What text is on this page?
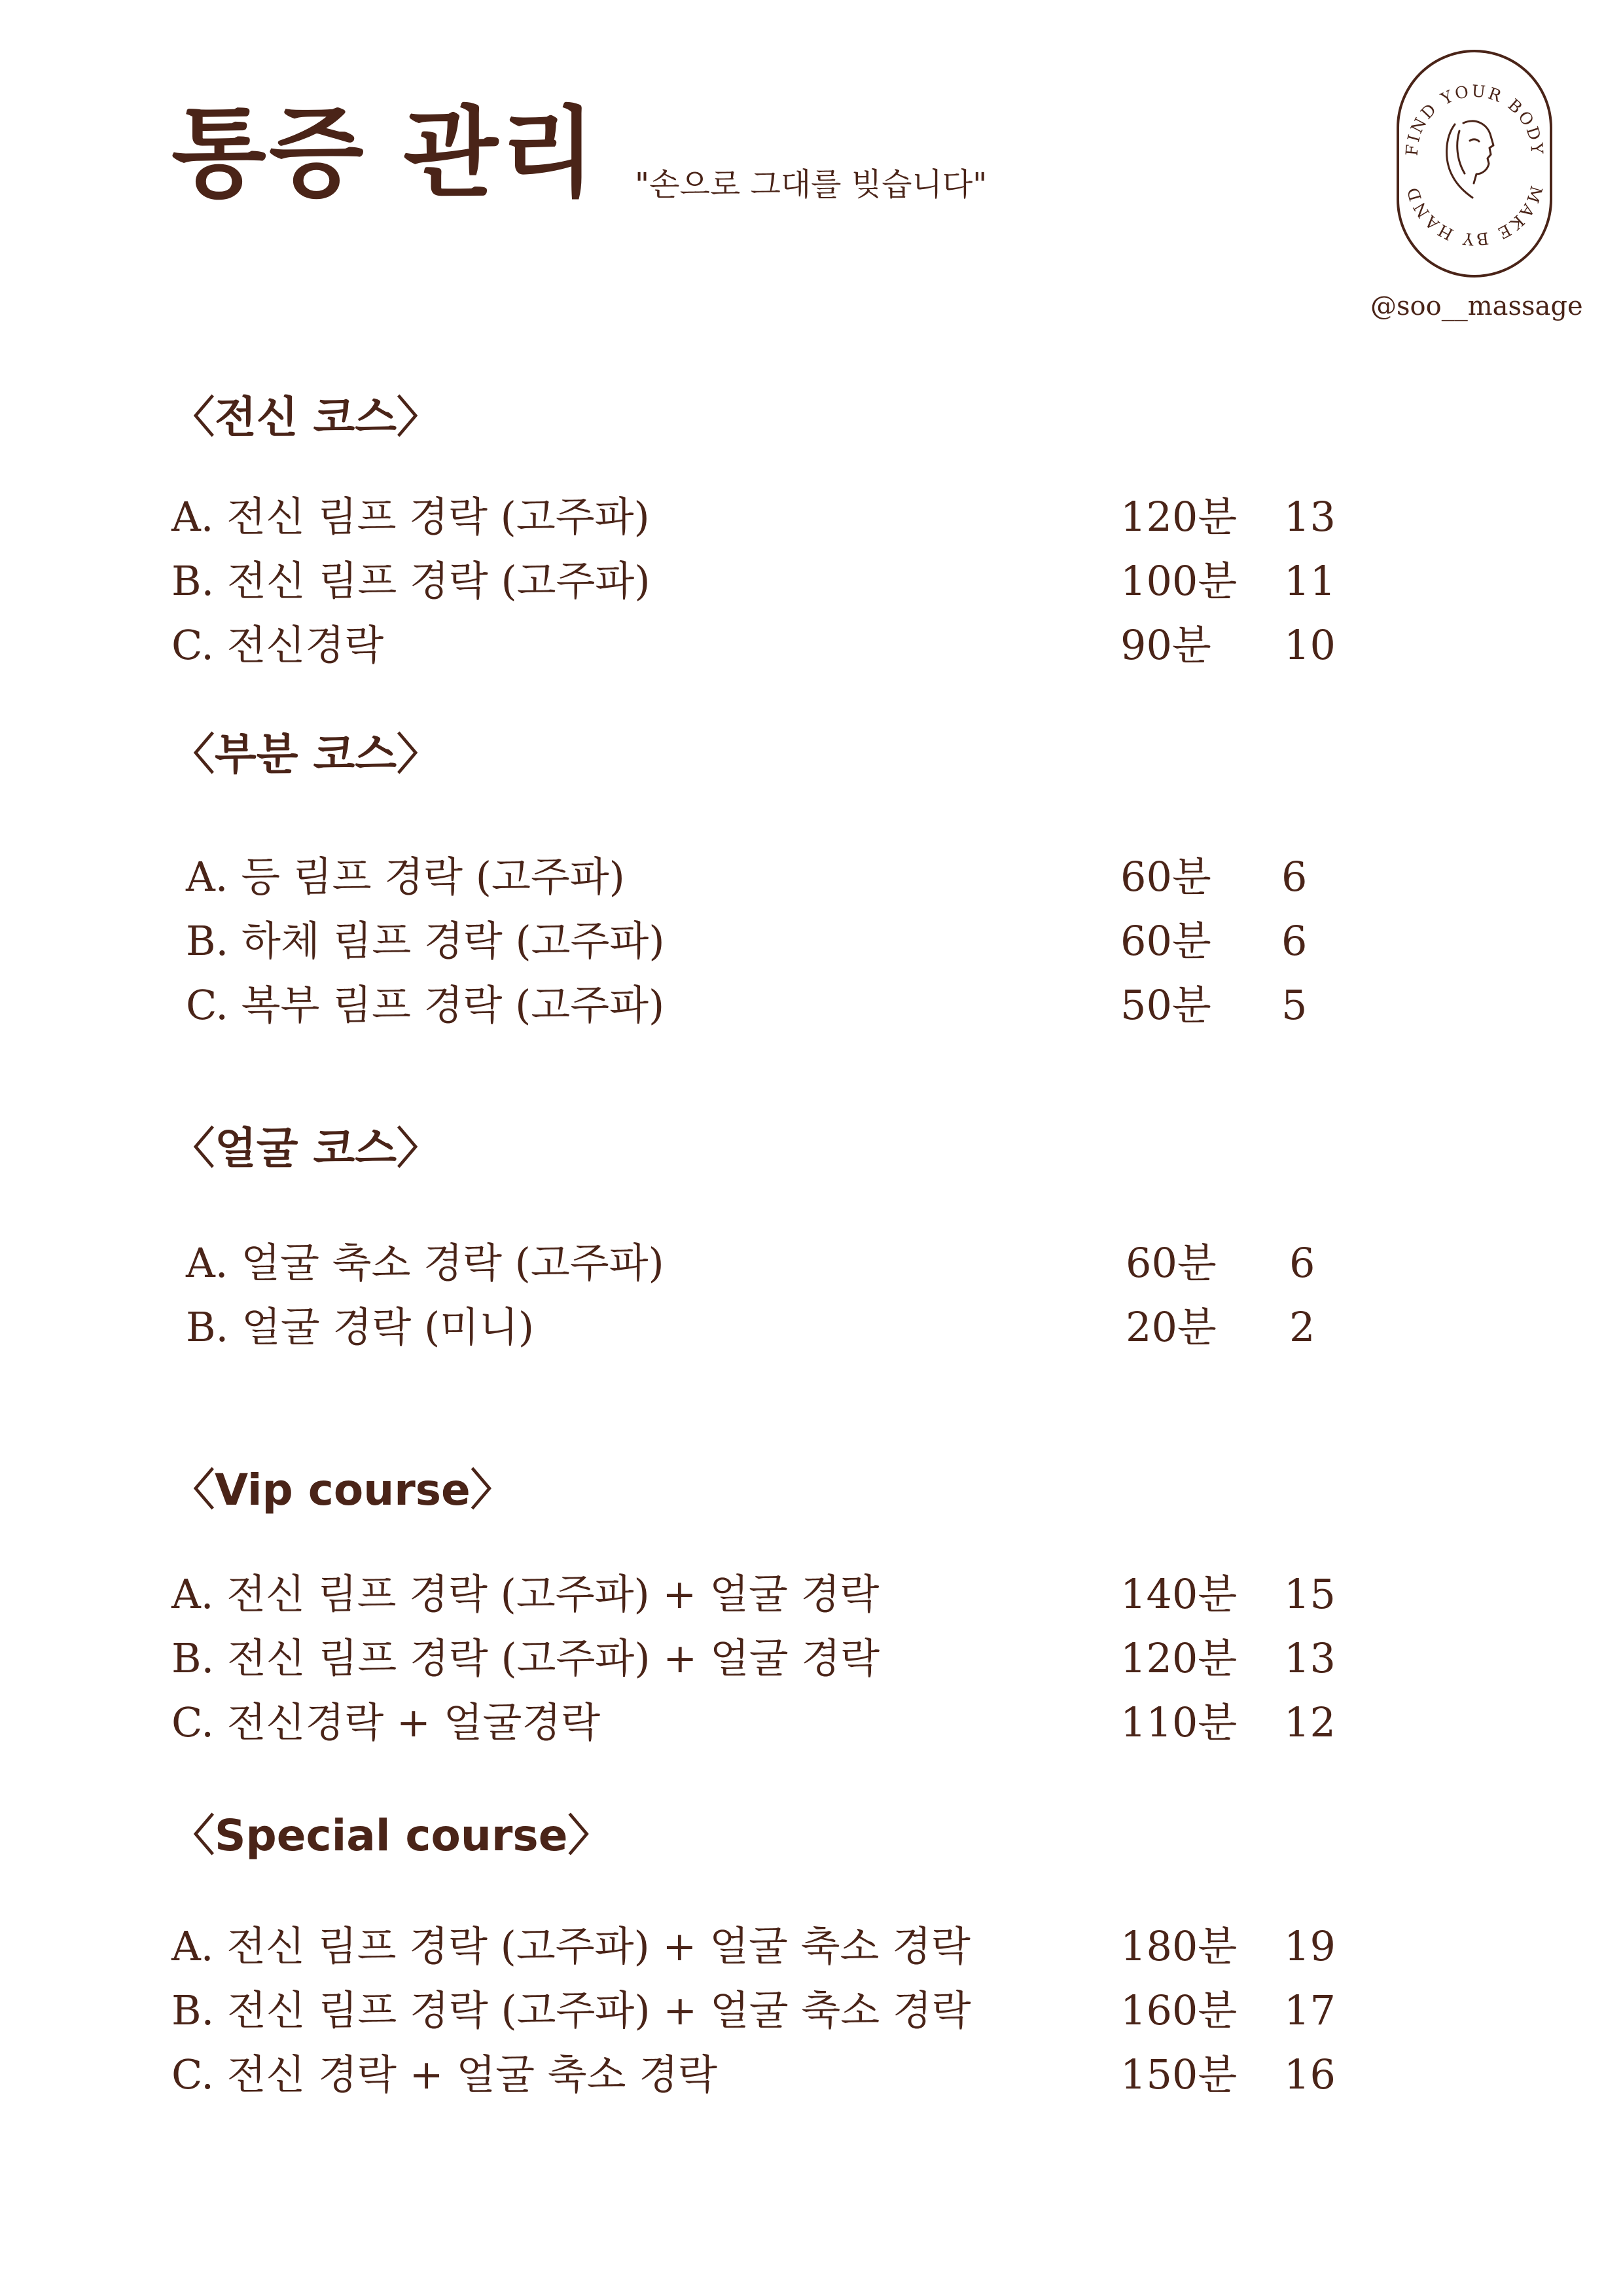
통증 관리 "손으로 그대를 빚습니다"
FIND YOUR BODY
MAKE BY HAND
@soo__massage
〈전신 코스〉
A. 전신 림프 경락 (고주파)	120분 13
B. 전신 림프 경락 (고주파)	100분 11
C. 전신경락	90분 10
〈부분 코스〉
A. 등 림프 경락 (고주파)	60분 6
B. 하체 림프 경락 (고주파)	60분 6
C. 복부 림프 경락 (고주파)	50분 5
〈얼굴 코스〉
A. 얼굴 축소 경락 (고주파)	60분 6
B. 얼굴 경락 (미니)	20분 2
〈Vip course〉
A. 전신 림프 경락 (고주파) + 얼굴 경락	140분 15
B. 전신 림프 경락 (고주파) + 얼굴 경락	120분 13
C. 전신경락 + 얼굴경락	110분 12
〈Special course〉
A. 전신 림프 경락 (고주파) + 얼굴 축소 경락	180분 19
B. 전신 림프 경락 (고주파) + 얼굴 축소 경락	160분 17
C. 전신 경락 + 얼굴 축소 경락	150분 16
